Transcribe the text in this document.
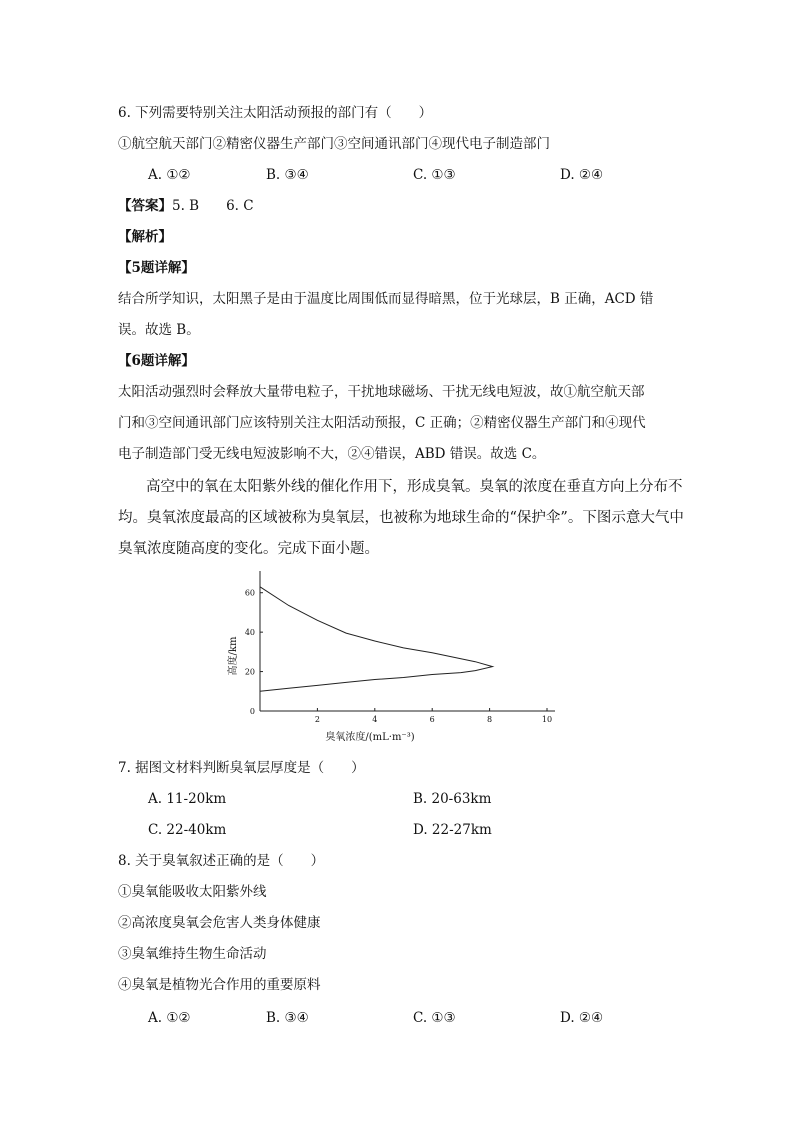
6. 下列需要特别关注太阳活动预报的部门有（　　）
①航空航天部门②精密仪器生产部门③空间通讯部门④现代电子制造部门
A. ①②	B. ③④	C. ①③	D. ②④
【答案】5. B　　6. C
【解析】
【5题详解】
结合所学知识，太阳黑子是由于温度比周围低而显得暗黑，位于光球层，B 正确，ACD 错
误。故选 B。
【6题详解】
太阳活动强烈时会释放大量带电粒子，干扰地球磁场、干扰无线电短波，故①航空航天部
门和③空间通讯部门应该特别关注太阳活动预报，C 正确；②精密仪器生产部门和④现代
电子制造部门受无线电短波影响不大，②④错误，ABD 错误。故选 C。
高空中的氧在太阳紫外线的催化作用下，形成臭氧。臭氧的浓度在垂直方向上分布不
均。臭氧浓度最高的区域被称为臭氧层，也被称为地球生命的“保护伞”。下图示意大气中
臭氧浓度随高度的变化。完成下面小题。
2	4	6	8	10
0
20
40
60
高度/km
臭氧浓度/(mL·m⁻³)
7. 据图文材料判断臭氧层厚度是（　　）
A. 11-20km	B. 20-63km
C. 22-40km	D. 22-27km
8. 关于臭氧叙述正确的是（　　）
①臭氧能吸收太阳紫外线
②高浓度臭氧会危害人类身体健康
③臭氧维持生物生命活动
④臭氧是植物光合作用的重要原料
A. ①②	B. ③④	C. ①③	D. ②④
